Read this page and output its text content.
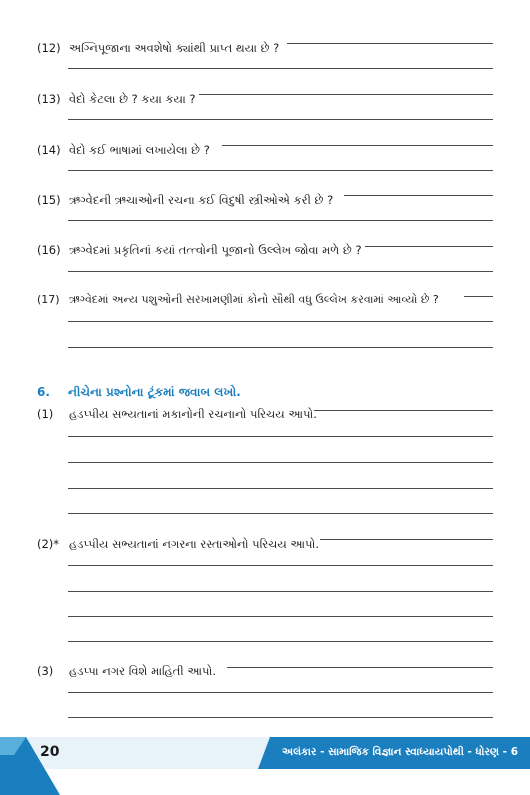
(12) અગ્નિપૂજાના અવશેષો ક્યાંથી પ્રાપ્ત થયા છે ?
(13) વેદો કેટલા છે ? કયા કયા ?
(14) વેદો કઈ ભાષામાં લખાયેલા છે ?
(15) ઋગ્વેદની ઋચાઓની રચના કઈ વિદુષી સ્ત્રીઓએ કરી છે ?
(16) ઋગ્વેદમાં પ્રકૃતિનાં કયાં તત્ત્વોની પૂજાનો ઉલ્લેખ જોવા મળે છે ?
(17) ઋગ્વેદમાં અન્ય પશુઓની સરખામણીમાં કોનો સૌથી વધુ ઉલ્લેખ કરવામાં આવ્યો છે ?
6. નીચેના પ્રશ્નોના ટૂંકમાં જવાબ લખો.
(1)	હડપ્પીય સભ્યતાનાં મકાનોની રચનાનો પરિચય આપો.
(2)* હડપ્પીય સભ્યતાનાં નગરના રસ્તાઓનો પરિચય આપો.
(3)	હડપ્પા નગર વિશે માહિતી આપો.
20	અલંકાર - સામાજિક વિજ્ઞાન સ્વાધ્યાયપોથી - ધોરણ - 6
